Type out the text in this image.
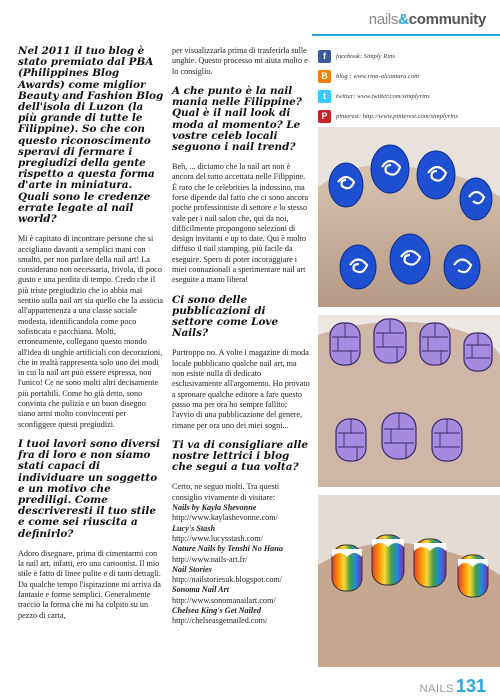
nails&community

Nel 2011 il tuo blog è stato premiato dal PBA (Philippines Blog Awards) come miglior Beauty and Fashion Blog dell'isola di Luzon (la più grande di tutte le Filippine). So che con questo riconoscimento speravi di fermare i pregiudizi della gente rispetto a questa forma d'arte in miniatura. Quali sono le credenze errate legate al nail world?

Mi è capitato di incontrare persone che si accigliano davanti a semplici mani con smalto, per non parlare della nail art! La considerano non necessaria, frivola, di poco gusto e una perdita di tempo. Credo che il più triste pregiudizio che io abbia mai sentito sulla nail art sia quello che la associa all'appartenenza a una classe sociale modesta, identificandola come poco sofisticata e pacchiana. Molti, erroneamente, collegano questo mondo all'idea di unghie artificiali con decorazioni, che in realtà rappresenta solo uno dei modi in cui la nail art può essere espressa, non l'unico! Ce ne sono molti altri decisamente più portabili. Come ho già detto, sono convinta che pulizia e un buon disegno siano armi molto convincenti per sconfiggere questi pregiudizi.

I tuoi lavori sono diversi fra di loro e non siamo stati capaci di individuare un soggetto e un motivo che prediligi. Come descriveresti il tuo stile e come sei riuscita a definirlo?

Adoro disegnare, prima di cimentarmi con la nail art, infatti, ero una cartoonist. Il mio stile è fatto di linee pulite e di tanti dettagli. Da qualche tempo l'ispirazione mi arriva da fantasie e forme semplici. Generalmente traccio la forma che mi ha colpito su un pezzo di carta,

per visualizzarla prima di trasferirla sulle unghie. Questo processo mi aiuta molto e lo consiglio.

A che punto è la nail mania nelle Filippine? Qual è il nail look di moda al momento? Le vostre celeb locali seguono i nail trend?

Beh, ... diciamo che la nail art non è ancora del tutto accettata nelle Filippine. È raro che le celebrities la indossino, ma forse dipende dal fatto che ci sono ancora poche professioniste di settore e lo stesso vale per i nail salon che, qui da noi, difficilmente propongono selezioni di design invitanti e up to date. Qui è molto diffuso il nail stamping, più facile da eseguire. Spero di poter incoraggiare i miei connazionali a sperimentare nail art eseguite a mano libera!

Ci sono delle pubblicazioni di settore come Love Nails?

Purtroppo no. A volte i magazine di moda locale pubblicano qualche nail art, ma non esiste nulla di dedicato esclusivamente all'argomento. Ho provato a spronare qualche editore a fare questo passo ma per ora ho sempre fallito; l'avvio di una pubblicazione del genere, rimane per ora uno dei miei sogni...

Ti va di consigliare alle nostre lettrici i blog che segui a tua volta?

Certo, ne seguo molti. Tra questi consiglio vivamente di visitare:

Nails by Kayla Shevonne

http://www.kaylashevonne.com/

Lucy's Stash

http://www.lucysstash.com/

Nature Nails by Tenshi No Hana

http://www.nails-art.fr/

Nail Stories

http://nailstoriesuk.blogspot.com/

Sonoma Nail Art

http://www.sonomanailart.com/

Chelsea King's Get Nailed

http://chelseasgetnailed.com/

f	facebook: Simply Rins
B	blog : www.rina-alcantara.com
t	twitter: www.twitter.com/simplyrins
P	pinterest: http://www.pinterest.com/simplyrins
NAILS 131
